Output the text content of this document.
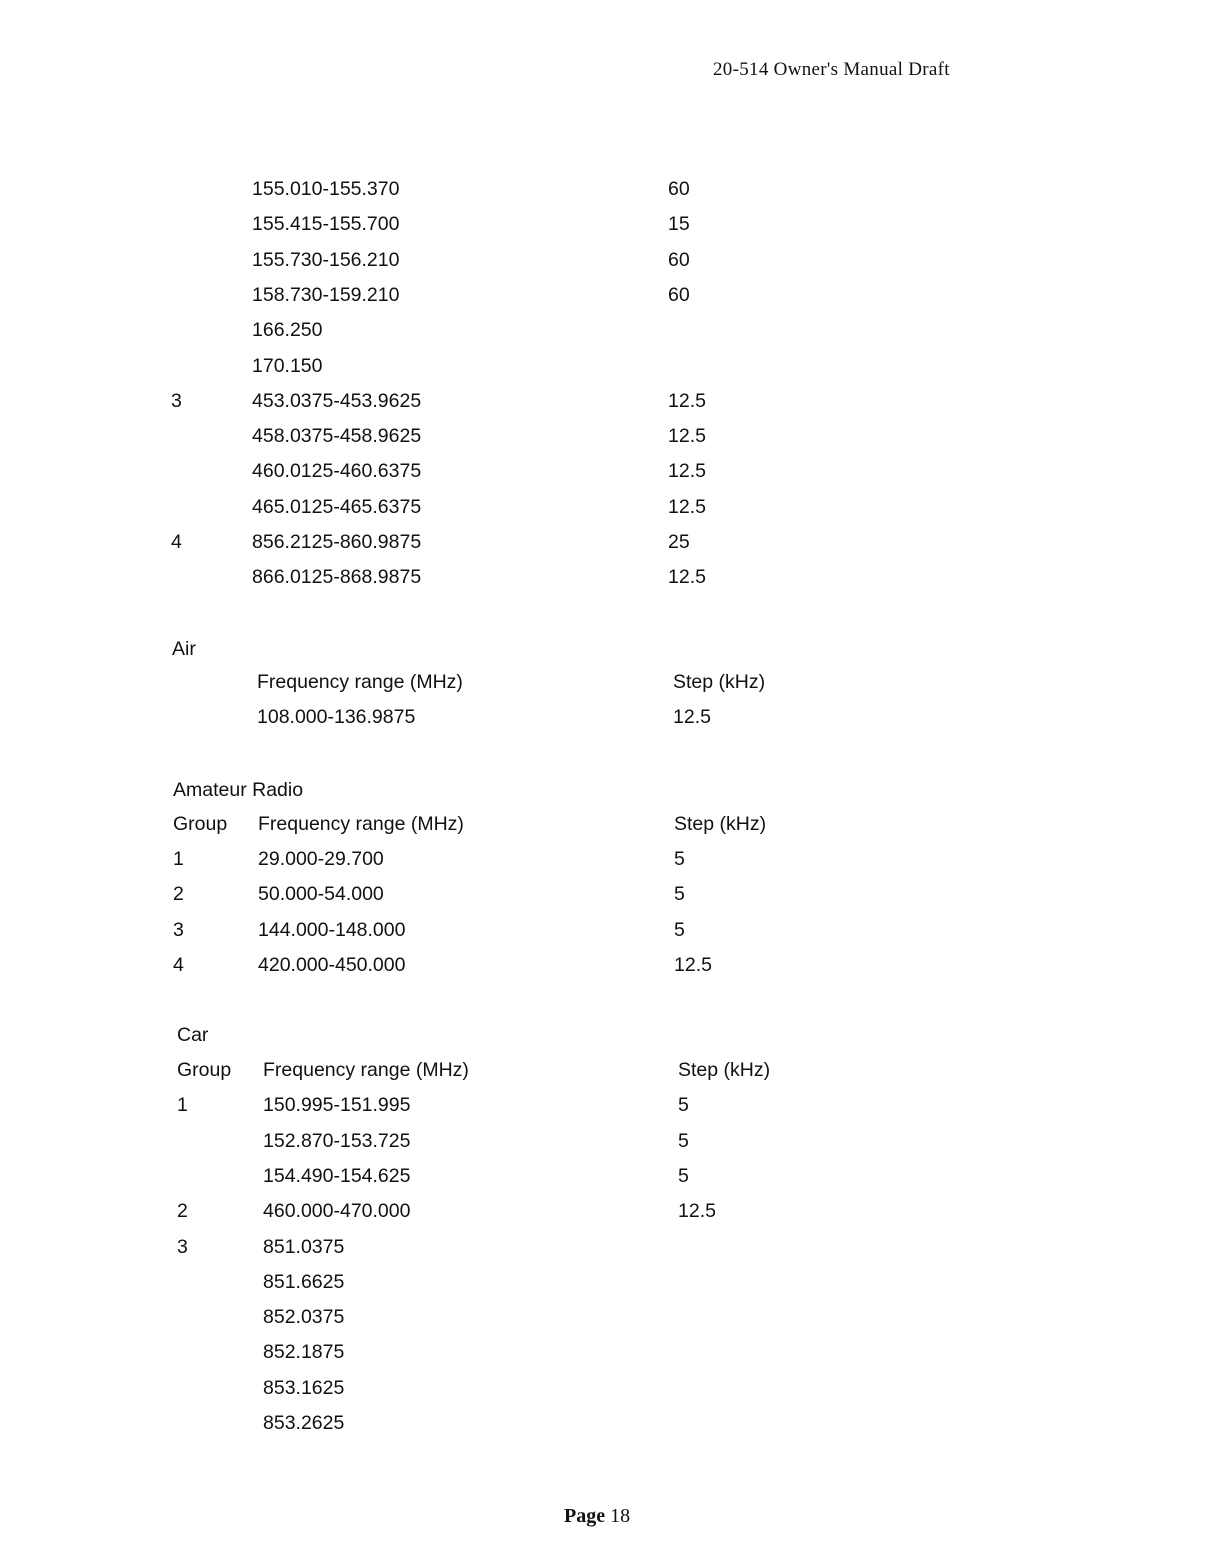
20-514 Owner's Manual Draft
155.010-155.370	60
155.415-155.700	15
155.730-156.210	60
158.730-159.210	60
166.250
170.150
3	453.0375-453.9625	12.5
458.0375-458.9625	12.5
460.0125-460.6375	12.5
465.0125-465.6375	12.5
4	856.2125-860.9875	25
866.0125-868.9875	12.5
Air
Frequency range (MHz)	Step (kHz)
108.000-136.9875	12.5
Amateur Radio
Group Frequency range (MHz)	Step (kHz)
1	29.000-29.700	5
2	50.000-54.000	5
3	144.000-148.000	5
4	420.000-450.000	12.5
Car
Group Frequency range (MHz)	Step (kHz)
1	150.995-151.995	5
152.870-153.725	5
154.490-154.625	5
2	460.000-470.000	12.5
3	851.0375
851.6625
852.0375
852.1875
853.1625
853.2625
Page 18
